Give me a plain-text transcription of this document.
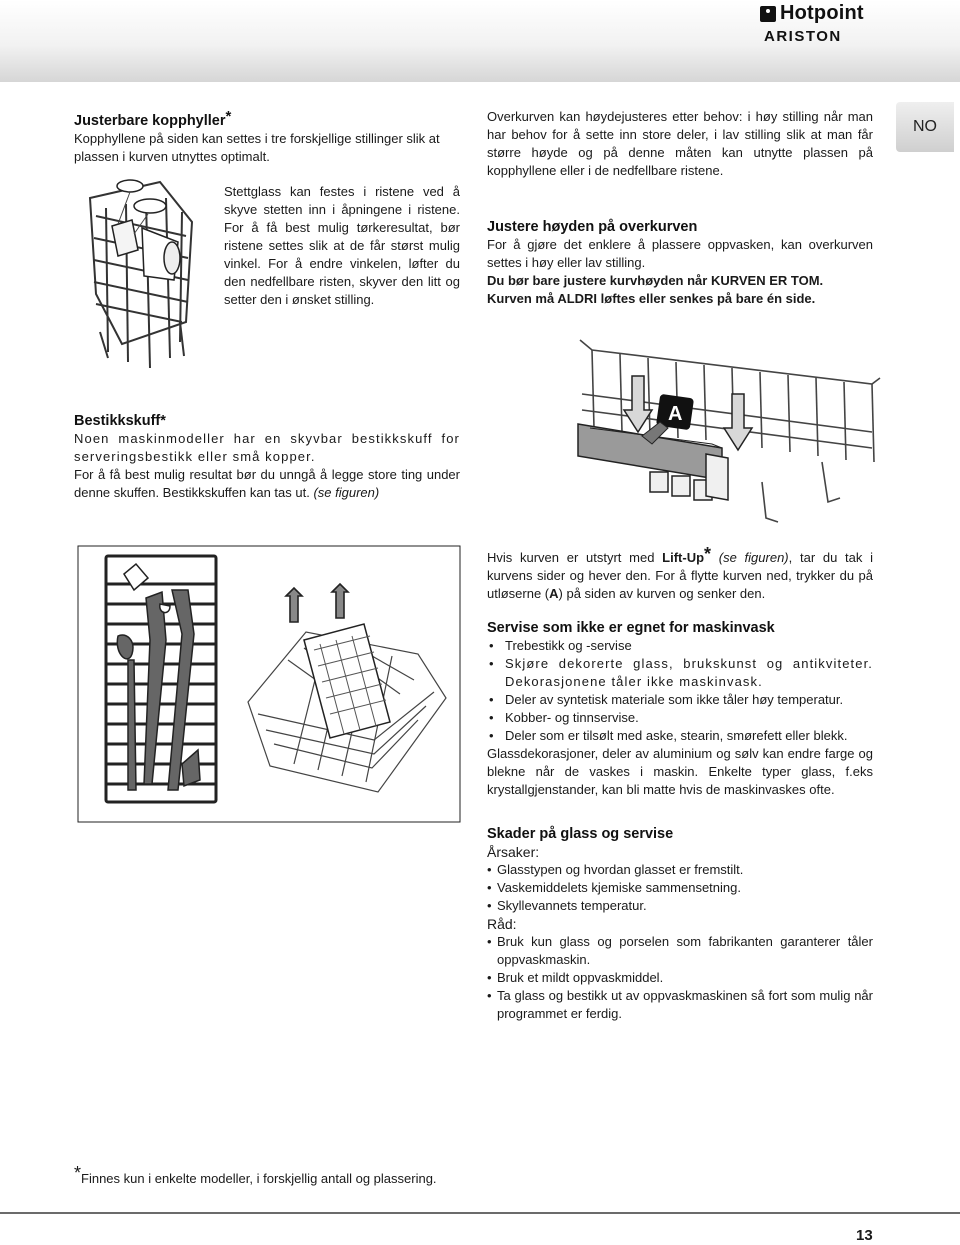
Hotpoint
ARISTON
NO
Justerbare kopphyller*

Kopphyllene på siden kan settes i tre forskjellige stillinger slik at plassen i kurven utnyttes optimalt.

Stettglass kan festes i ristene ved å skyve stetten inn i åpningene i ristene. For å få best mulig tørkeresultat, bør ristene settes slik at de får størst mulig vinkel. For å endre vinkelen, løfter du den nedfellbare risten, skyver den litt og setter den i ønsket stilling.

Overkurven kan høydejusteres etter behov: i høy stilling når man har behov for å sette inn store deler, i lav stilling slik at man får større høyde og på denne måten kan utnytte plassen på kopphyllene eller i de nedfellbare ristene.

Justere høyden på overkurven

For å gjøre det enklere å plassere oppvasken, kan overkurven settes i høy eller lav stilling.

Du bør bare justere kurvhøyden når KURVEN ER TOM.

Kurven må ALDRI løftes eller senkes på bare én side.

A
Bestikkskuff*

Noen maskinmodeller har en skyvbar bestikkskuff for serveringsbestikk eller små kopper.

For å få best mulig resultat bør du unngå å legge store ting under denne skuffen. Bestikkskuffen kan tas ut. (se figuren)

Hvis kurven er utstyrt med Lift-Up* (se figuren), tar du tak i kurvens sider og hever den. For å flytte kurven ned, trykker du på utløserne (A) på siden av kurven og senker den.

Servise som ikke er egnet for maskinvask
• Trebestikk og -servise
• Skjøre dekorerte glass, brukskunst og antikviteter. Dekorasjonene tåler ikke maskinvask.
• Deler av syntetisk materiale som ikke tåler høy temperatur.
• Kobber- og tinnservise.
• Deler som er tilsølt med aske, stearin, smørefett eller blekk.

Glassdekorasjoner, deler av aluminium og sølv kan endre farge og blekne når de vaskes i maskin. Enkelte typer glass, f.eks krystallgjenstander, kan bli matte hvis de maskinvaskes ofte.

Skader på glass og servise

Årsaker:

• Glasstypen og hvordan glasset er fremstilt.
• Vaskemiddelets kjemiske sammensetning.
• Skyllevannets temperatur.

Råd:

• Bruk kun glass og porselen som fabrikanten garanterer tåler oppvaskmaskin.
• Bruk et mildt oppvaskmiddel.
• Ta glass og bestikk ut av oppvaskmaskinen så fort som mulig når programmet er ferdig.
*Finnes kun i enkelte modeller, i forskjellig antall og plassering.
13
